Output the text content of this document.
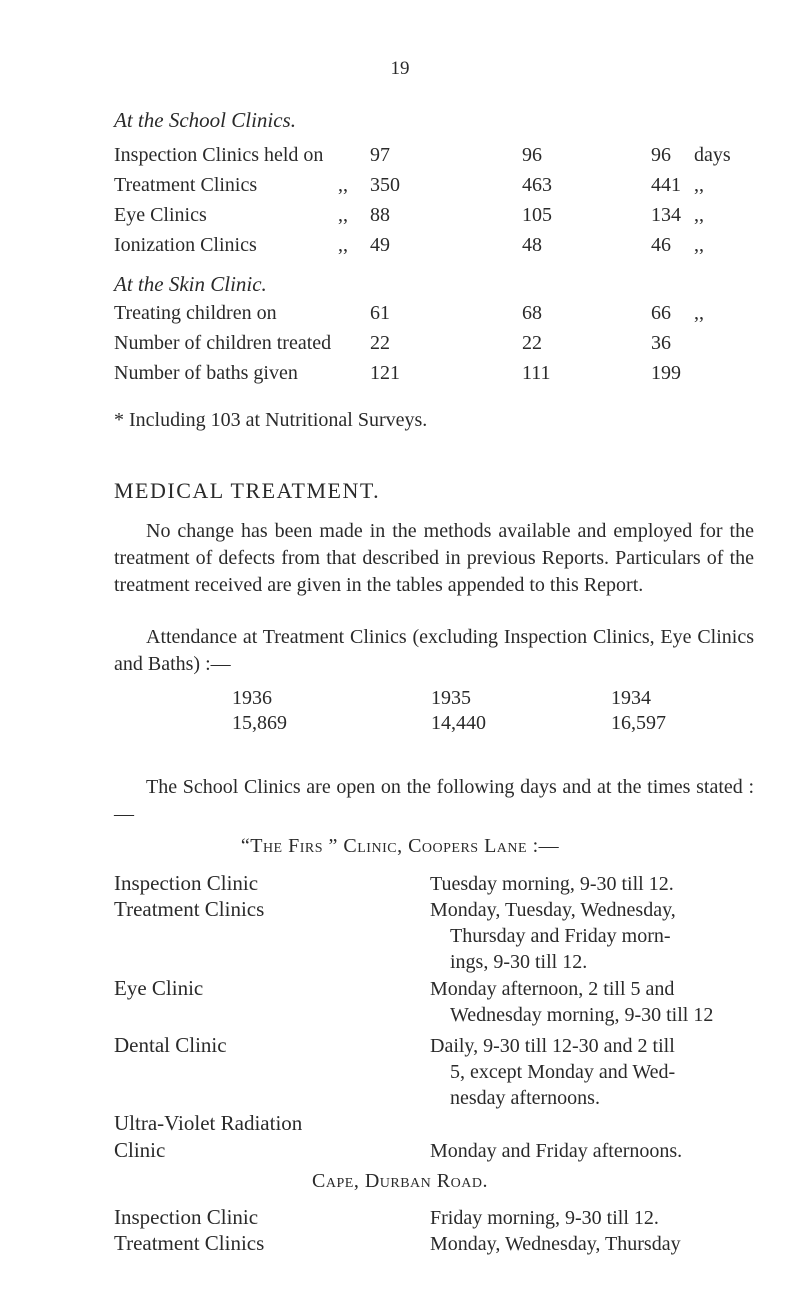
19
At the School Clinics.
Inspection Clinics held on 97	96	96 days
Treatment Clinics	,, 350	463	441 ,,
Eye Clinics	,, 88	105	134 ,,
Ionization Clinics	,, 49	48	46 ,,
At the Skin Clinic.
Treating children on	61	68	66 ,,
Number of children treated 22	22	36
Number of baths given	121	111	199
* Including 103 at Nutritional Surveys.
MEDICAL TREATMENT.

No change has been made in the methods available and employed for the treatment of defects from that described in previous Reports. Particulars of the treatment received are given in the tables appended to this Report.

Attendance at Treatment Clinics (excluding Inspection Clinics, Eye Clinics and Baths) :—

1936	1935	1934
15,869	14,440	16,597

The School Clinics are open on the following days and at the times stated :—

“The Firs ” Clinic, Coopers Lane :—
Inspection Clinic	Tuesday morning, 9-30 till 12.
Treatment Clinics	Monday, Tuesday, Wednesday,
Thursday and Friday morn-
ings, 9-30 till 12.
Eye Clinic	Monday afternoon, 2 till 5 and
Wednesday morning, 9-30 till 12
Dental Clinic	Daily, 9-30 till 12-30 and 2 till
5, except Monday and Wed-
nesday afternoons.
Ultra-Violet Radiation
Clinic	Monday and Friday afternoons.
Cape, Durban Road.
Inspection Clinic	Friday morning, 9-30 till 12.
Treatment Clinics	Monday, Wednesday, Thursday
